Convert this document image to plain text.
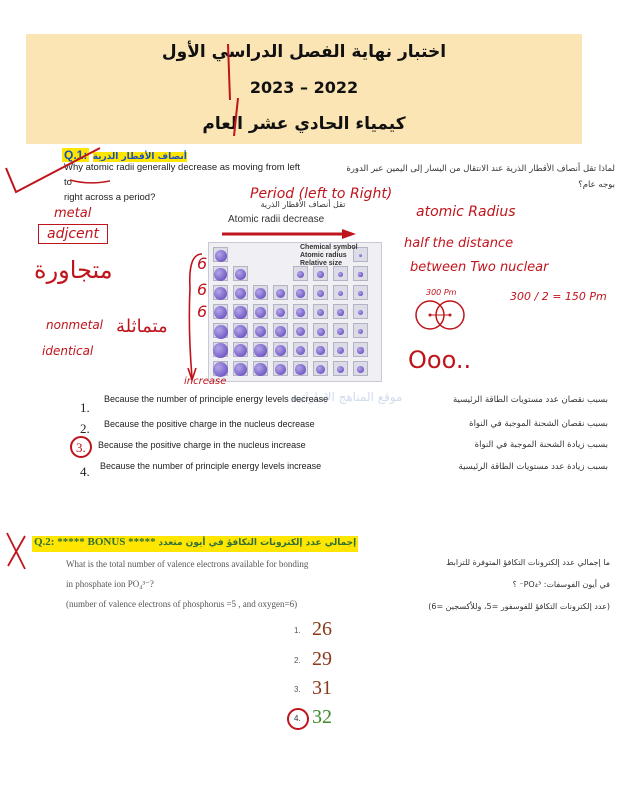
اختبار نهاية الفصل الدراسي الأول
2023 – 2022
كيمياء الحادي عشر العام
Q.1: أنصاف الأقطار الذرية
Why atomic radii generally decrease as moving from left to
right across a period?
لماذا تقل أنصاف الأقطار الذرية عند الانتقال من اليسار إلى اليمين عبر الدورة
بوجه عام؟
Period (left to Right)
تقل أنصاف الأقطار الذرية
Atomic radii decrease
Chemical symbol
Atomic radius
Relative size
6
6
6
increase
metal
adjcent
متجاورة
nonmetal
identical
متماثلة
atomic Radius
half the distance
between Two nuclear
300 Pm	300 / 2 = 150 Pm
Ooo..
موقع المناهج الإماراتية
1.
Because the number of principle energy levels decrease	بسبب نقصان عدد مستويات الطاقة الرئيسية
2. Because the positive charge in the nucleus decrease	بسبب نقصان الشحنة الموجبة في النواة
3. Because the positive charge in the nucleus increase	بسبب زيادة الشحنة الموجبة في النواة
4. Because the number of principle energy levels increase	بسبب زيادة عدد مستويات الطاقة الرئيسية
Q.2: ***** BONUS ***** إجمالي عدد إلكترونات التكافؤ في أيون متعدد
What is the total number of valence electrons available for bonding
in phosphate ion PO₄³⁻?
(number of valence electrons of phosphorus =5 , and oxygen=6)
ما إجمالي عدد إلكترونات التكافؤ المتوفرة للترابط
في أيون الفوسفات: PO₄³⁻ ؟
(عدد إلكترونات التكافؤ للفوسفور =5، وللأكسجين =6)
1. 26
2. 29
3. 31
4. 32
